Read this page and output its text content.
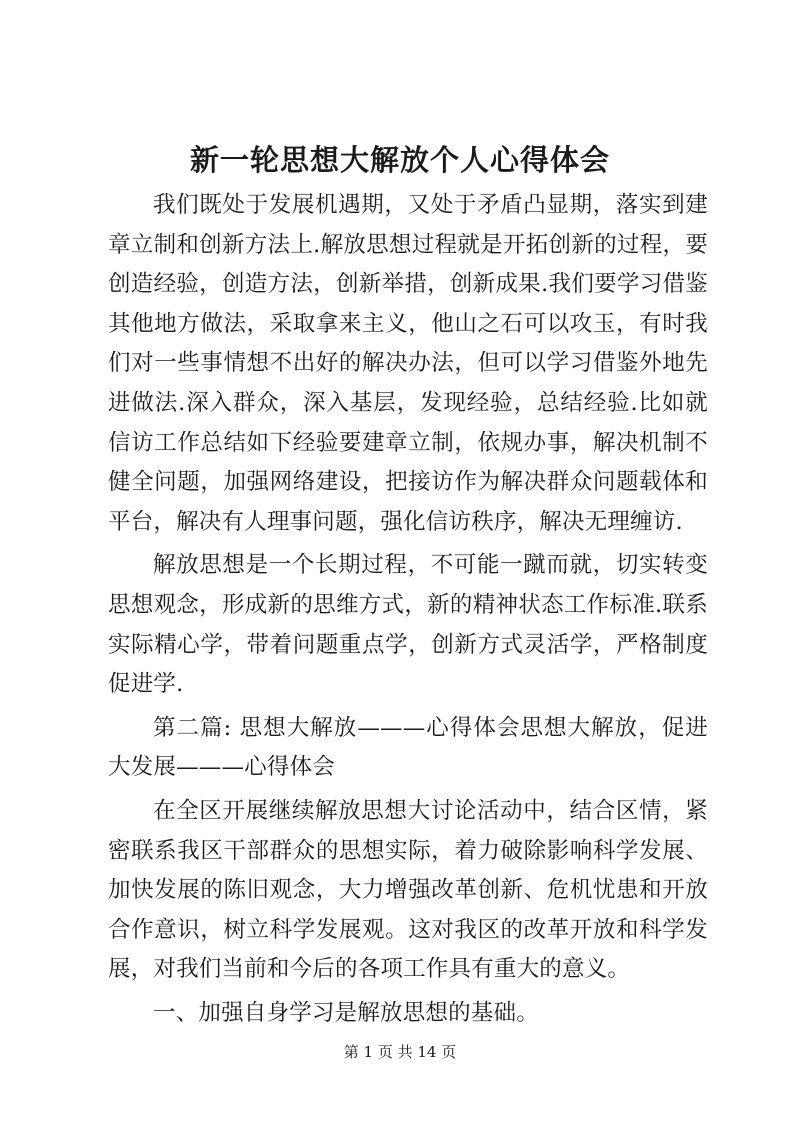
新一轮思想大解放个人心得体会

我们既处于发展机遇期，又处于矛盾凸显期，落实到建章立制和创新方法上.解放思想过程就是开拓创新的过程，要创造经验，创造方法，创新举措，创新成果.我们要学习借鉴其他地方做法，采取拿来主义，他山之石可以攻玉，有时我们对一些事情想不出好的解决办法，但可以学习借鉴外地先进做法.深入群众，深入基层，发现经验，总结经验.比如就信访工作总结如下经验要建章立制，依规办事，解决机制不健全问题，加强网络建设，把接访作为解决群众问题载体和平台，解决有人理事问题，强化信访秩序，解决无理缠访.

解放思想是一个长期过程，不可能一蹴而就，切实转变思想观念，形成新的思维方式，新的精神状态工作标准.联系实际精心学，带着问题重点学，创新方式灵活学，严格制度促进学.

第二篇: 思想大解放———心得体会思想大解放，促进大发展———心得体会

在全区开展继续解放思想大讨论活动中，结合区情，紧密联系我区干部群众的思想实际，着力破除影响科学发展、加快发展的陈旧观念，大力增强改革创新、危机忧患和开放合作意识，树立科学发展观。这对我区的改革开放和科学发展，对我们当前和今后的各项工作具有重大的意义。

一、加强自身学习是解放思想的基础。

第 1 页 共 14 页
